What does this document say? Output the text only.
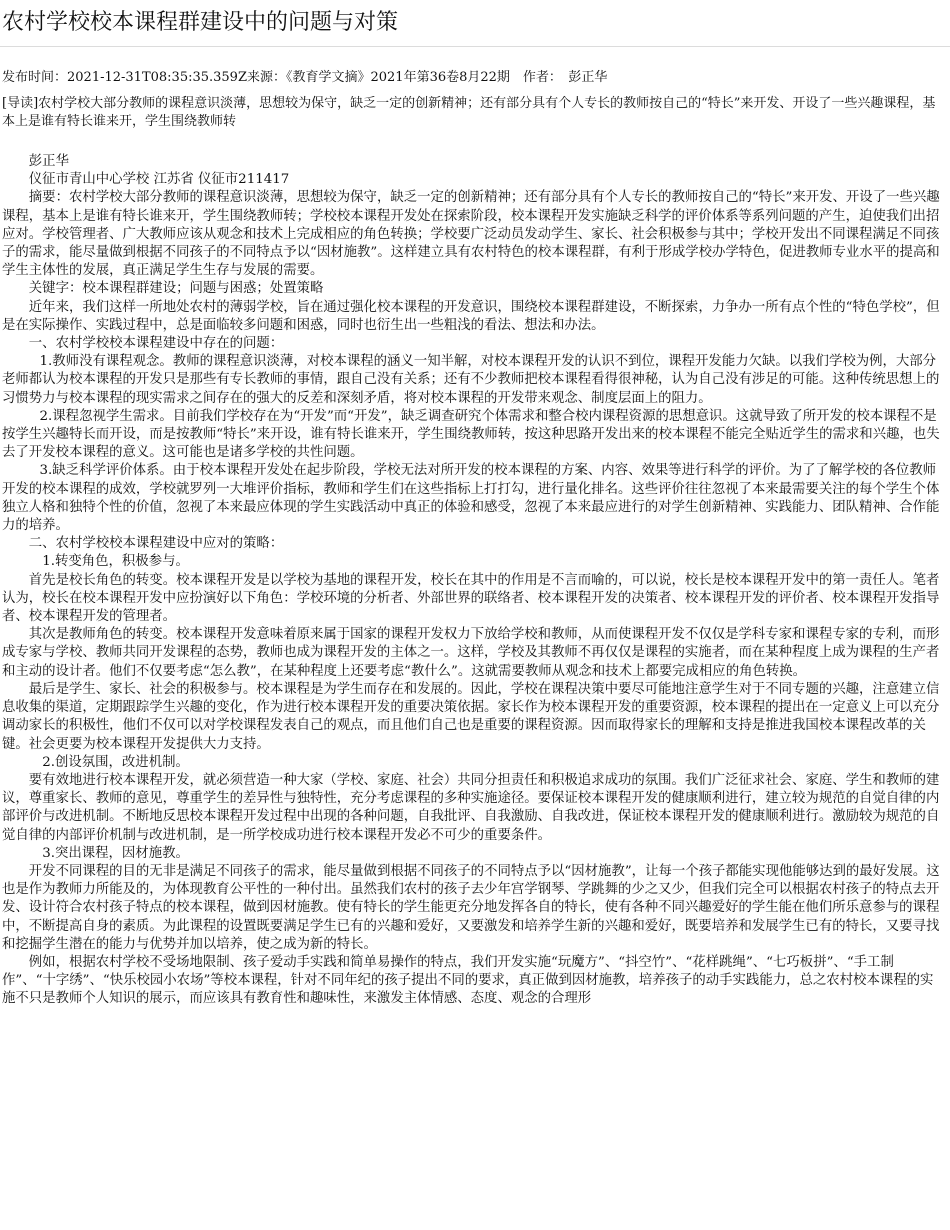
农村学校校本课程群建设中的问题与对策
发布时间：2021-12-31T08:35:35.359Z来源：《教育学文摘》2021年第36卷8月22期　作者：　彭正华
[导读]农村学校大部分教师的课程意识淡薄，思想较为保守，缺乏一定的创新精神；还有部分具有个人专长的教师按自己的“特长”来开发、开设了一些兴趣课程，基本上是谁有特长谁来开，学生围绕教师转

彭正华

仪征市青山中心学校 江苏省 仪征市211417

摘要：农村学校大部分教师的课程意识淡薄，思想较为保守，缺乏一定的创新精神；还有部分具有个人专长的教师按自己的“特长”来开发、开设了一些兴趣课程，基本上是谁有特长谁来开，学生围绕教师转；学校校本课程开发处在探索阶段，校本课程开发实施缺乏科学的评价体系等系列问题的产生，迫使我们出招应对。学校管理者、广大教师应该从观念和技术上完成相应的角色转换；学校要广泛动员发动学生、家长、社会积极参与其中；学校开发出不同课程满足不同孩子的需求，能尽量做到根据不同孩子的不同特点予以“因材施教”。这样建立具有农村特色的校本课程群，有利于形成学校办学特色，促进教师专业水平的提高和学生主体性的发展，真正满足学生生存与发展的需要。

关键字：校本课程群建设；问题与困惑；处置策略

近年来，我们这样一所地处农村的薄弱学校，旨在通过强化校本课程的开发意识，围绕校本课程群建设，不断探索，力争办一所有点个性的“特色学校”，但是在实际操作、实践过程中，总是面临较多问题和困惑，同时也衍生出一些粗浅的看法、想法和办法。

一、农村学校校本课程建设中存在的问题：

1.教师没有课程观念。教师的课程意识淡薄，对校本课程的涵义一知半解，对校本课程开发的认识不到位，课程开发能力欠缺。以我们学校为例，大部分老师都认为校本课程的开发只是那些有专长教师的事情，跟自己没有关系；还有不少教师把校本课程看得很神秘，认为自己没有涉足的可能。这种传统思想上的习惯势力与校本课程的现实需求之间存在的强大的反差和深刻矛盾，将对校本课程的开发带来观念、制度层面上的阻力。

2.课程忽视学生需求。目前我们学校存在为“开发”而“开发”，缺乏调查研究个体需求和整合校内课程资源的思想意识。这就导致了所开发的校本课程不是按学生兴趣特长而开设，而是按教师“特长”来开设，谁有特长谁来开，学生围绕教师转，按这种思路开发出来的校本课程不能完全贴近学生的需求和兴趣，也失去了开发校本课程的意义。这可能也是诸多学校的共性问题。

3.缺乏科学评价体系。由于校本课程开发处在起步阶段，学校无法对所开发的校本课程的方案、内容、效果等进行科学的评价。为了了解学校的各位教师开发的校本课程的成效，学校就罗列一大堆评价指标，教师和学生们在这些指标上打打勾，进行量化排名。这些评价往往忽视了本来最需要关注的每个学生个体独立人格和独特个性的价值，忽视了本来最应体现的学生实践活动中真正的体验和感受，忽视了本来最应进行的对学生创新精神、实践能力、团队精神、合作能力的培养。

二、农村学校校本课程建设中应对的策略：

1.转变角色，积极参与。

首先是校长角色的转变。校本课程开发是以学校为基地的课程开发，校长在其中的作用是不言而喻的，可以说，校长是校本课程开发中的第一责任人。笔者认为，校长在校本课程开发中应扮演好以下角色：学校环境的分析者、外部世界的联络者、校本课程开发的决策者、校本课程开发的评价者、校本课程开发指导者、校本课程开发的管理者。

其次是教师角色的转变。校本课程开发意味着原来属于国家的课程开发权力下放给学校和教师，从而使课程开发不仅仅是学科专家和课程专家的专利，而形成专家与学校、教师共同开发课程的态势，教师也成为课程开发的主体之一。这样，学校及其教师不再仅仅是课程的实施者，而在某种程度上成为课程的生产者和主动的设计者。他们不仅要考虑“怎么教”，在某种程度上还要考虑“教什么”。这就需要教师从观念和技术上都要完成相应的角色转换。

最后是学生、家长、社会的积极参与。校本课程是为学生而存在和发展的。因此，学校在课程决策中要尽可能地注意学生对于不同专题的兴趣，注意建立信息收集的渠道，定期跟踪学生兴趣的变化，作为进行校本课程开发的重要决策依据。家长作为校本课程开发的重要资源，校本课程的提出在一定意义上可以充分调动家长的积极性，他们不仅可以对学校课程发表自己的观点，而且他们自己也是重要的课程资源。因而取得家长的理解和支持是推进我国校本课程改革的关键。社会更要为校本课程开发提供大力支持。

2.创设氛围，改进机制。

要有效地进行校本课程开发，就必须营造一种大家（学校、家庭、社会）共同分担责任和积极追求成功的氛围。我们广泛征求社会、家庭、学生和教师的建议，尊重家长、教师的意见，尊重学生的差异性与独特性，充分考虑课程的多种实施途径。要保证校本课程开发的健康顺利进行，建立较为规范的自觉自律的内部评价与改进机制。不断地反思校本课程开发过程中出现的各种问题，自我批评、自我激励、自我改进，保证校本课程开发的健康顺利进行。激励较为规范的自觉自律的内部评价机制与改进机制，是一所学校成功进行校本课程开发必不可少的重要条件。

3.突出课程，因材施教。

开发不同课程的目的无非是满足不同孩子的需求，能尽量做到根据不同孩子的不同特点予以“因材施教”，让每一个孩子都能实现他能够达到的最好发展。这也是作为教师力所能及的，为体现教育公平性的一种付出。虽然我们农村的孩子去少年宫学钢琴、学跳舞的少之又少，但我们完全可以根据农村孩子的特点去开发、设计符合农村孩子特点的校本课程，做到因材施教。使有特长的学生能更充分地发挥各自的特长，使有各种不同兴趣爱好的学生能在他们所乐意参与的课程中，不断提高自身的素质。为此课程的设置既要满足学生已有的兴趣和爱好，又要激发和培养学生新的兴趣和爱好，既要培养和发展学生已有的特长，又要寻找和挖掘学生潜在的能力与优势并加以培养，使之成为新的特长。

例如，根据农村学校不受场地限制、孩子爱动手实践和简单易操作的特点，我们开发实施“玩魔方”、“抖空竹”、“花样跳绳”、“七巧板拼”、“手工制作”、“十字绣”、“快乐校园小农场”等校本课程，针对不同年纪的孩子提出不同的要求，真正做到因材施教，培养孩子的动手实践能力，总之农村校本课程的实施不只是教师个人知识的展示，而应该具有教育性和趣味性，来激发主体情感、态度、观念的合理形
